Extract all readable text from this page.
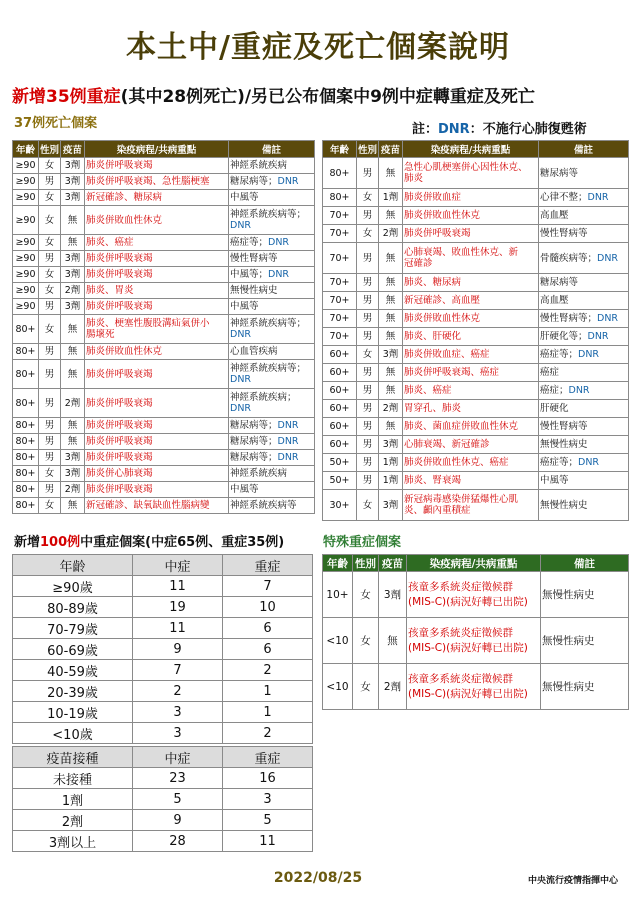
本土中/重症及死亡個案說明
新增35例重症(其中28例死亡)/另已公布個案中9例中症轉重症及死亡
37例死亡個案	註：DNR：不施行心肺復甦術
年齡	性別	疫苗	染疫病程/共病重點	備註
≥90	女	3劑	肺炎併呼吸衰竭	神經系統疾病

≥90	男	3劑	肺炎併呼吸衰竭、急性腦梗塞	糖尿病等；DNR

≥90	女	3劑	新冠確診、糖尿病	中風等

≥90	女	無	肺炎併敗血性休克	神經系統疾病等；DNR

≥90	女	無	肺炎、癌症	癌症等；DNR

≥90	男	3劑	肺炎併呼吸衰竭	慢性腎病等

≥90	女	3劑	肺炎併呼吸衰竭	中風等；DNR

≥90	女	2劑	肺炎、胃炎	無慢性病史

≥90	男	3劑	肺炎併呼吸衰竭	中風等

80+	女	無	肺炎、梗塞性腹股溝疝氣併小
腸壞死	神經系統疾病等；DNR

80+	男	無	肺炎併敗血性休克	心血管疾病

80+	男	無	肺炎併呼吸衰竭	神經系統疾病等；DNR

80+	男	2劑	肺炎併呼吸衰竭	神經系統疾病；DNR

80+	男	無	肺炎併呼吸衰竭	糖尿病等；DNR

80+	男	無	肺炎併呼吸衰竭	糖尿病等；DNR

80+	男	3劑	肺炎併呼吸衰竭	糖尿病等；DNR

80+	女	3劑	肺炎併心肺衰竭	神經系統疾病

80+	男	2劑	肺炎併呼吸衰竭	中風等

80+	女	無	新冠確診、缺氧缺血性腦病變	神經系統疾病等
年齡	性別	疫苗	染疫病程/共病重點	備註
80+	男	無	急性心肌梗塞併心因性休克、
肺炎	糖尿病等

80+	女	1劑	肺炎併敗血症	心律不整；DNR

70+	男	無	肺炎併敗血性休克	高血壓

70+	女	2劑	肺炎併呼吸衰竭	慢性腎病等

70+	男	無	心肺衰竭、敗血性休克、新
冠確診	骨髓疾病等；DNR

70+	男	無	肺炎、糖尿病	糖尿病等

70+	男	無	新冠確診、高血壓	高血壓

70+	男	無	肺炎併敗血性休克	慢性腎病等；DNR

70+	男	無	肺炎、肝硬化	肝硬化等；DNR

60+	女	3劑	肺炎併敗血症、癌症	癌症等；DNR

60+	男	無	肺炎併呼吸衰竭、癌症	癌症

60+	男	無	肺炎、癌症	癌症；DNR

60+	男	2劑	胃穿孔、肺炎	肝硬化

60+	男	無	肺炎、菌血症併敗血性休克	慢性腎病等

60+	男	3劑	心肺衰竭、新冠確診	無慢性病史

50+	男	1劑	肺炎併敗血性休克、癌症	癌症等；DNR

50+	男	1劑	肺炎、腎衰竭	中風等

30+	女	3劑	新冠病毒感染併猛爆性心肌
炎、顱內重積症	無慢性病史
新增100例中重症個案(中症65例、重症35例)	特殊重症個案
年齡	中症	重症
≥90歲	11	7
80-89歲	19	10
70-79歲	11	6
60-69歲	9	6
40-59歲	7	2
20-39歲	2	1
10-19歲	3	1
<10歲	3	2
疫苗接種	中症	重症
未接種	23	16
1劑	5	3
2劑	9	5
3劑以上	28	11
年齡	性別	疫苗	染疫病程/共病重點	備註
10+	女	3劑	孩童多系統炎症徵候群
(MIS-C)(病況好轉已出院)	無慢性病史
<10	女	無	孩童多系統炎症徵候群
(MIS-C)(病況好轉已出院)	無慢性病史
<10	女	2劑	孩童多系統炎症徵候群
(MIS-C)(病況好轉已出院)	無慢性病史
2022/08/25	中央流行疫情指揮中心
